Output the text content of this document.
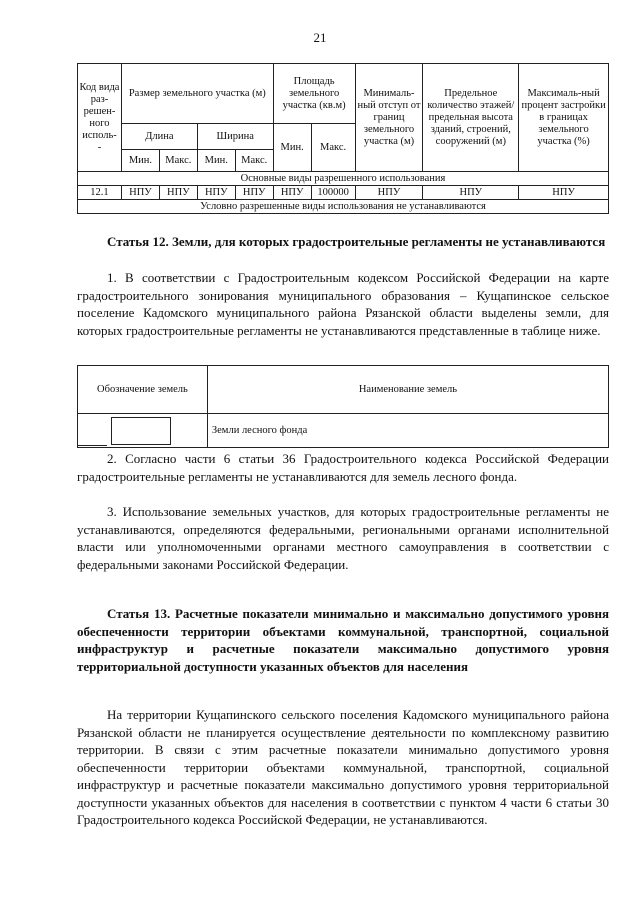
21
Код вида раз-решен-ного исполь-
-	Размер земельного участка (м)				Площадь земельного участка (кв.м)		Минималь-ный отступ от границ земельного участка (м)	Предельное количество этажей/ предельная высота зданий, строений, сооружений (м)	Максималь-ный процент застройки в границах земельного участка (%)
	Длина		Ширина		Мин.	Макс.			
	Мин.	Макс.	Мин.	Макс.					
Основные виды разрешенного использования									
12.1	НПУ	НПУ	НПУ	НПУ	НПУ	100000	НПУ	НПУ	НПУ
Условно разрешенные виды использования не устанавливаются									

Статья 12. Земли, для которых градостроительные регламенты не устанавливаются

1. В соответствии с Градостроительным кодексом Российской Федерации на карте градостроительного зонирования муниципального образования – Кущапинское сельское поселение Кадомского муниципального района Рязанской области выделены земли, для которых градостроительные регламенты не устанавливаются представленные в таблице ниже.

Обозначение земель	Наименование земель

	Земли лесного фонда

2. Согласно части 6 статьи 36 Градостроительного кодекса Российской Федерации градостроительные регламенты не устанавливаются для земель лесного фонда.

3. Использование земельных участков, для которых градостроительные регламенты не устанавливаются, определяются федеральными, региональными органами исполнительной власти или уполномоченными органами местного самоуправления в соответствии с федеральными законами Российской Федерации.

Статья 13. Расчетные показатели минимально и максимально допустимого уровня обеспеченности территории объектами коммунальной, транспортной, социальной инфраструктур и расчетные показатели максимально допустимого уровня территориальной доступности указанных объектов для населения

На территории Кущапинского сельского поселения Кадомского муниципального района Рязанской области не планируется осуществление деятельности по комплексному развитию территории. В связи с этим расчетные показатели минимально допустимого уровня обеспеченности территории объектами коммунальной, транспортной, социальной инфраструктур и расчетные показатели максимально допустимого уровня территориальной доступности указанных объектов для населения в соответствии с пунктом 4 части 6 статьи 30 Градостроительного кодекса Российской Федерации, не устанавливаются.
